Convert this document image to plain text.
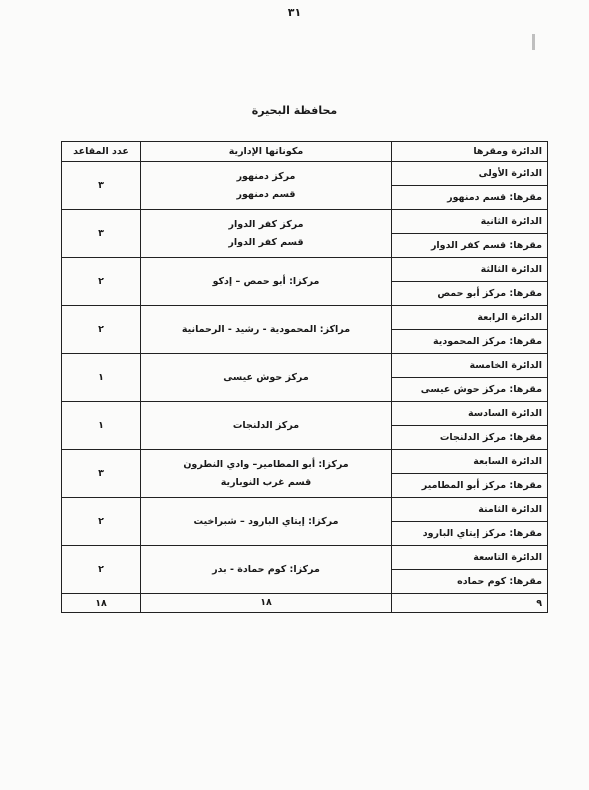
٣١
محافظة البحيرة
الدائرة ومقرها	مكوناتها الإدارية	عدد المقاعد
الدائرة الأولى	مركز دمنهور
قسم دمنهور	٣
مقرها: قسم دمنهور		
الدائرة الثانية	مركز كفر الدوار
قسم كفر الدوار	٣
مقرها: قسم كفر الدوار		
الدائرة الثالثة	مركزا: أبو حمص – إدكو	٢
مقرها: مركز أبو حمص		
الدائرة الرابعة	مراكز: المحمودية - رشيد - الرحمانية	٢
مقرها: مركز المحمودية		
الدائرة الخامسة	مركز حوش عيسى	١
مقرها: مركز حوش عيسى		
الدائرة السادسة	مركز الدلنجات	١
مقرها: مركز الدلنجات		
الدائرة السابعة	مركزا: أبو المطامير– وادي النطرون
قسم غرب النوبارية	٣
مقرها: مركز أبو المطامير		
الدائرة الثامنة	مركزا: إيتاي البارود – شبراخيت	٢
مقرها: مركز إيتاي البارود		
الدائرة التاسعة	مركزا: كوم حمادة - بدر	٢
مقرها: كوم حماده		
٩	١٨	١٨
